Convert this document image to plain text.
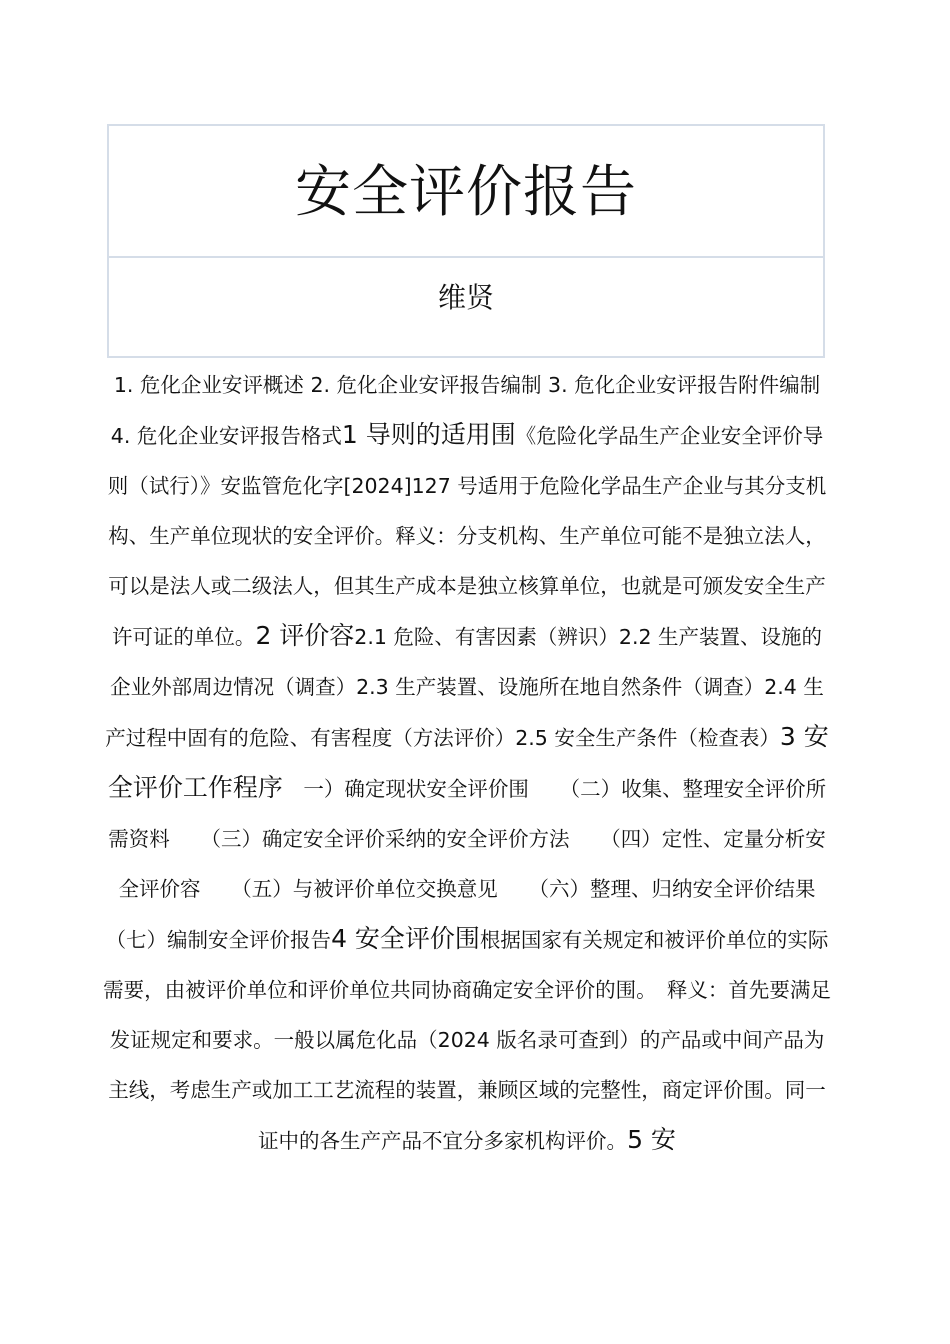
安全评价报告
维贤
1. 危化企业安评概述 2. 危化企业安评报告编制 3. 危化企业安评报告附件编制 4. 危化企业安评报告格式1 导则的适用围《危险化学品生产企业安全评价导则（试行）》安监管危化字[2024]127 号适用于危险化学品生产企业与其分支机构、生产单位现状的安全评价。释义：分支机构、生产单位可能不是独立法人，可以是法人或二级法人，但其生产成本是独立核算单位，也就是可颁发安全生产许可证的单位。2 评价容2.1 危险、有害因素（辨识）2.2 生产装置、设施的企业外部周边情况（调查）2.3 生产装置、设施所在地自然条件（调查）2.4 生产过程中固有的危险、有害程度（方法评价）2.5 安全生产条件（检查表）3 安全评价工作程序　一）确定现状安全评价围　　（二）收集、整理安全评价所需资料　　（三）确定安全评价采纳的安全评价方法　　（四）定性、定量分析安全评价容　　（五）与被评价单位交换意见　　（六）整理、归纳安全评价结果　　（七）编制安全评价报告4 安全评价围根据国家有关规定和被评价单位的实际需要，由被评价单位和评价单位共同协商确定安全评价的围。　释义：首先要满足发证规定和要求。一般以属危化品（2024 版名录可查到）的产品或中间产品为主线，考虑生产或加工工艺流程的装置，兼顾区域的完整性，商定评价围。同一证中的各生产产品不宜分多家机构评价。5 安
